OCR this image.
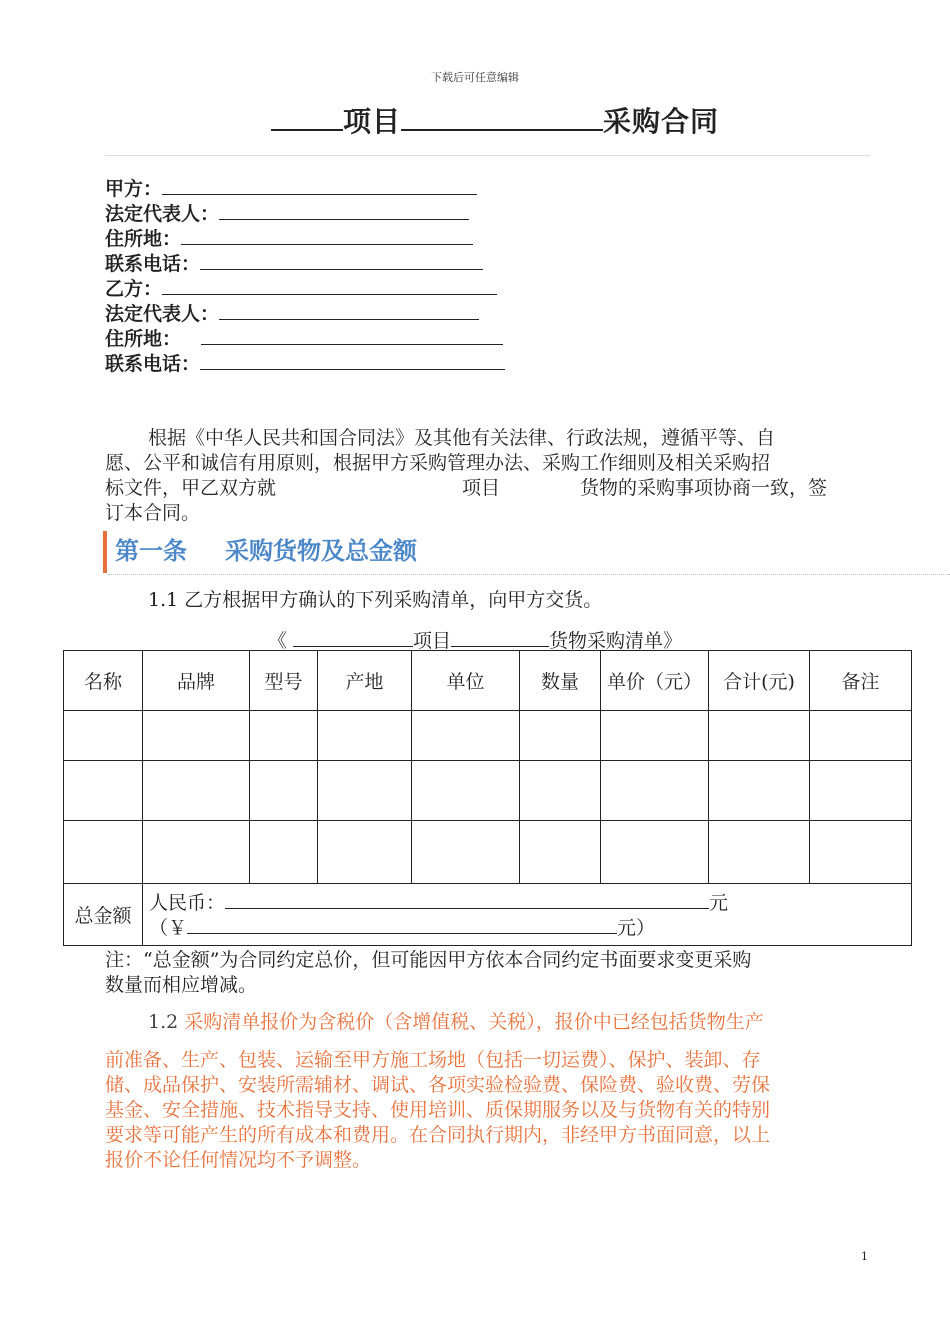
下载后可任意编辑
项目	采购合同
甲方：
法定代表人：
住所地：
联系电话：
乙方：
法定代表人：
住所地：
联系电话：
根据《中华人民共和国合同法》及其他有关法律、行政法规，遵循平等、自
愿、公平和诚信有用原则，根据甲方采购管理办法、采购工作细则及相关采购招
标文件，甲乙双方就	项目	货物的采购事项协商一致，签
订本合同。
第一条 采购货物及总金额
1.1 乙方根据甲方确认的下列采购清单，向甲方交货。
《	项目	货物采购清单》
名称	品牌	型号	产地	单位	数量	单价（元）	合计(元)	备注

总金额	人民币： 元
（￥ 元）							
注：“总金额”为合同约定总价，但可能因甲方依本合同约定书面要求变更采购
数量而相应增减。
1.2 采购清单报价为含税价（含增值税、关税），报价中已经包括货物生产
前准备、生产、包装、运输至甲方施工场地（包括一切运费）、保护、装卸、存
储、成品保护、安装所需辅材、调试、各项实验检验费、保险费、验收费、劳保
基金、安全措施、技术指导支持、使用培训、质保期服务以及与货物有关的特别
要求等可能产生的所有成本和费用。在合同执行期内，非经甲方书面同意，以上
报价不论任何情况均不予调整。
1
